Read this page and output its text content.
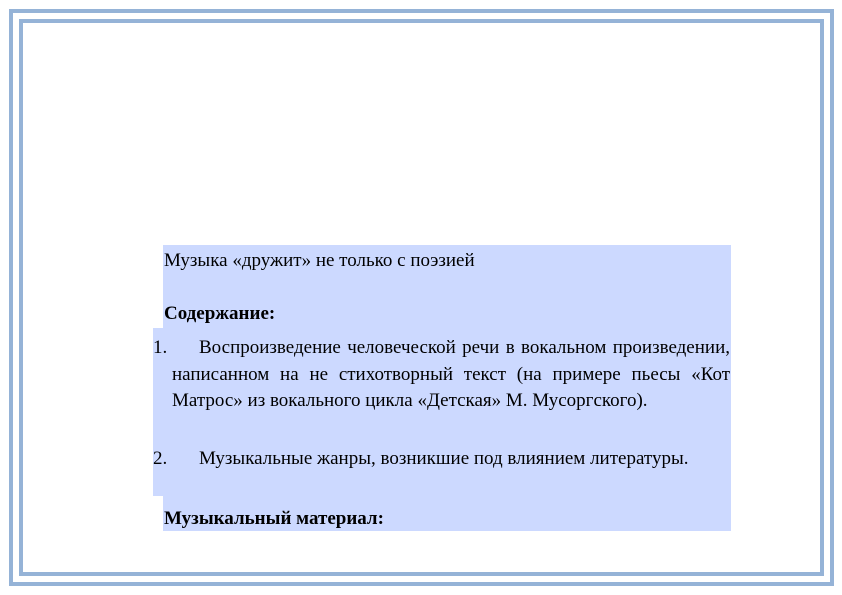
Музыка «дружит» не только с поэзией
Содержание:
1.	Воспроизведение человеческой речи в вокальном произведении, написанном на не стихотворный текст (на примере пьесы «Кот Матрос» из вокального цикла «Детская» М. Мусоргского).
2.	Музыкальные жанры, возникшие под влиянием литературы.
Музыкальный материал:
